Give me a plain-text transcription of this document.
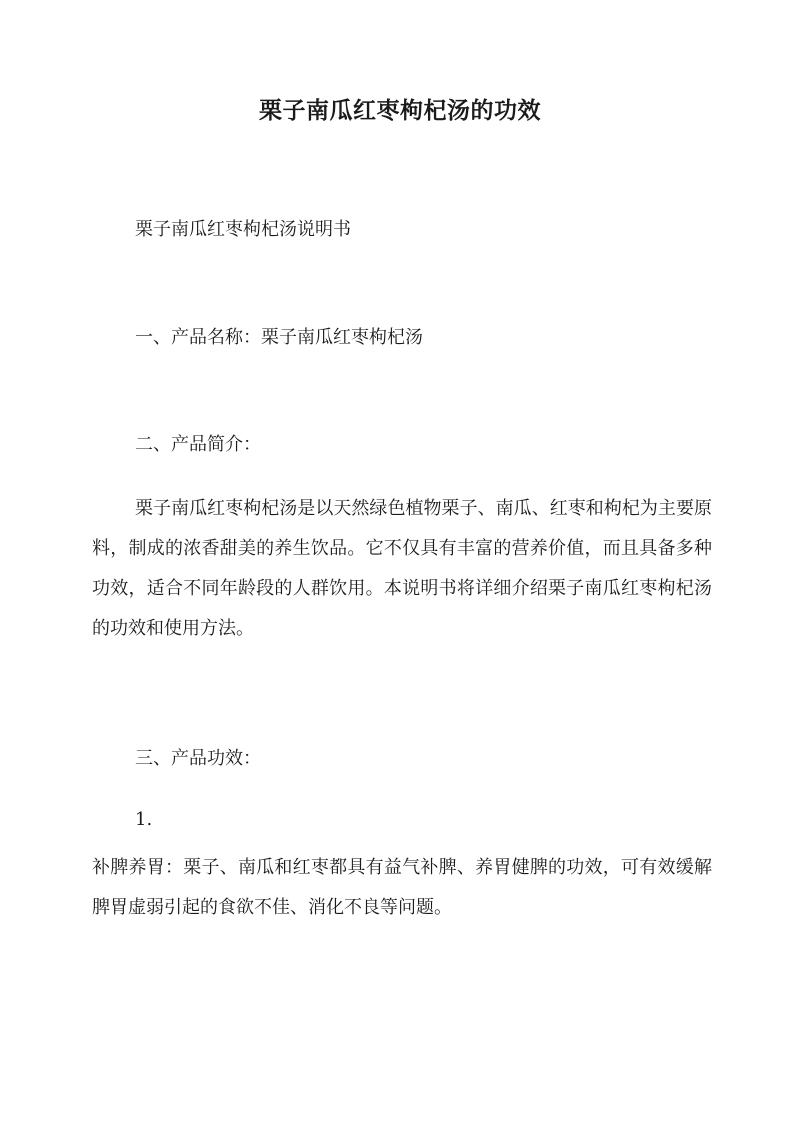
栗子南瓜红枣枸杞汤的功效
栗子南瓜红枣枸杞汤说明书
一、产品名称：栗子南瓜红枣枸杞汤
二、产品简介：
栗子南瓜红枣枸杞汤是以天然绿色植物栗子、南瓜、红枣和枸杞为主要原料，制成的浓香甜美的养生饮品。它不仅具有丰富的营养价值，而且具备多种功效，适合不同年龄段的人群饮用。本说明书将详细介绍栗子南瓜红枣枸杞汤的功效和使用方法。
三、产品功效：
1.
补脾养胃：栗子、南瓜和红枣都具有益气补脾、养胃健脾的功效，可有效缓解脾胃虚弱引起的食欲不佳、消化不良等问题。
